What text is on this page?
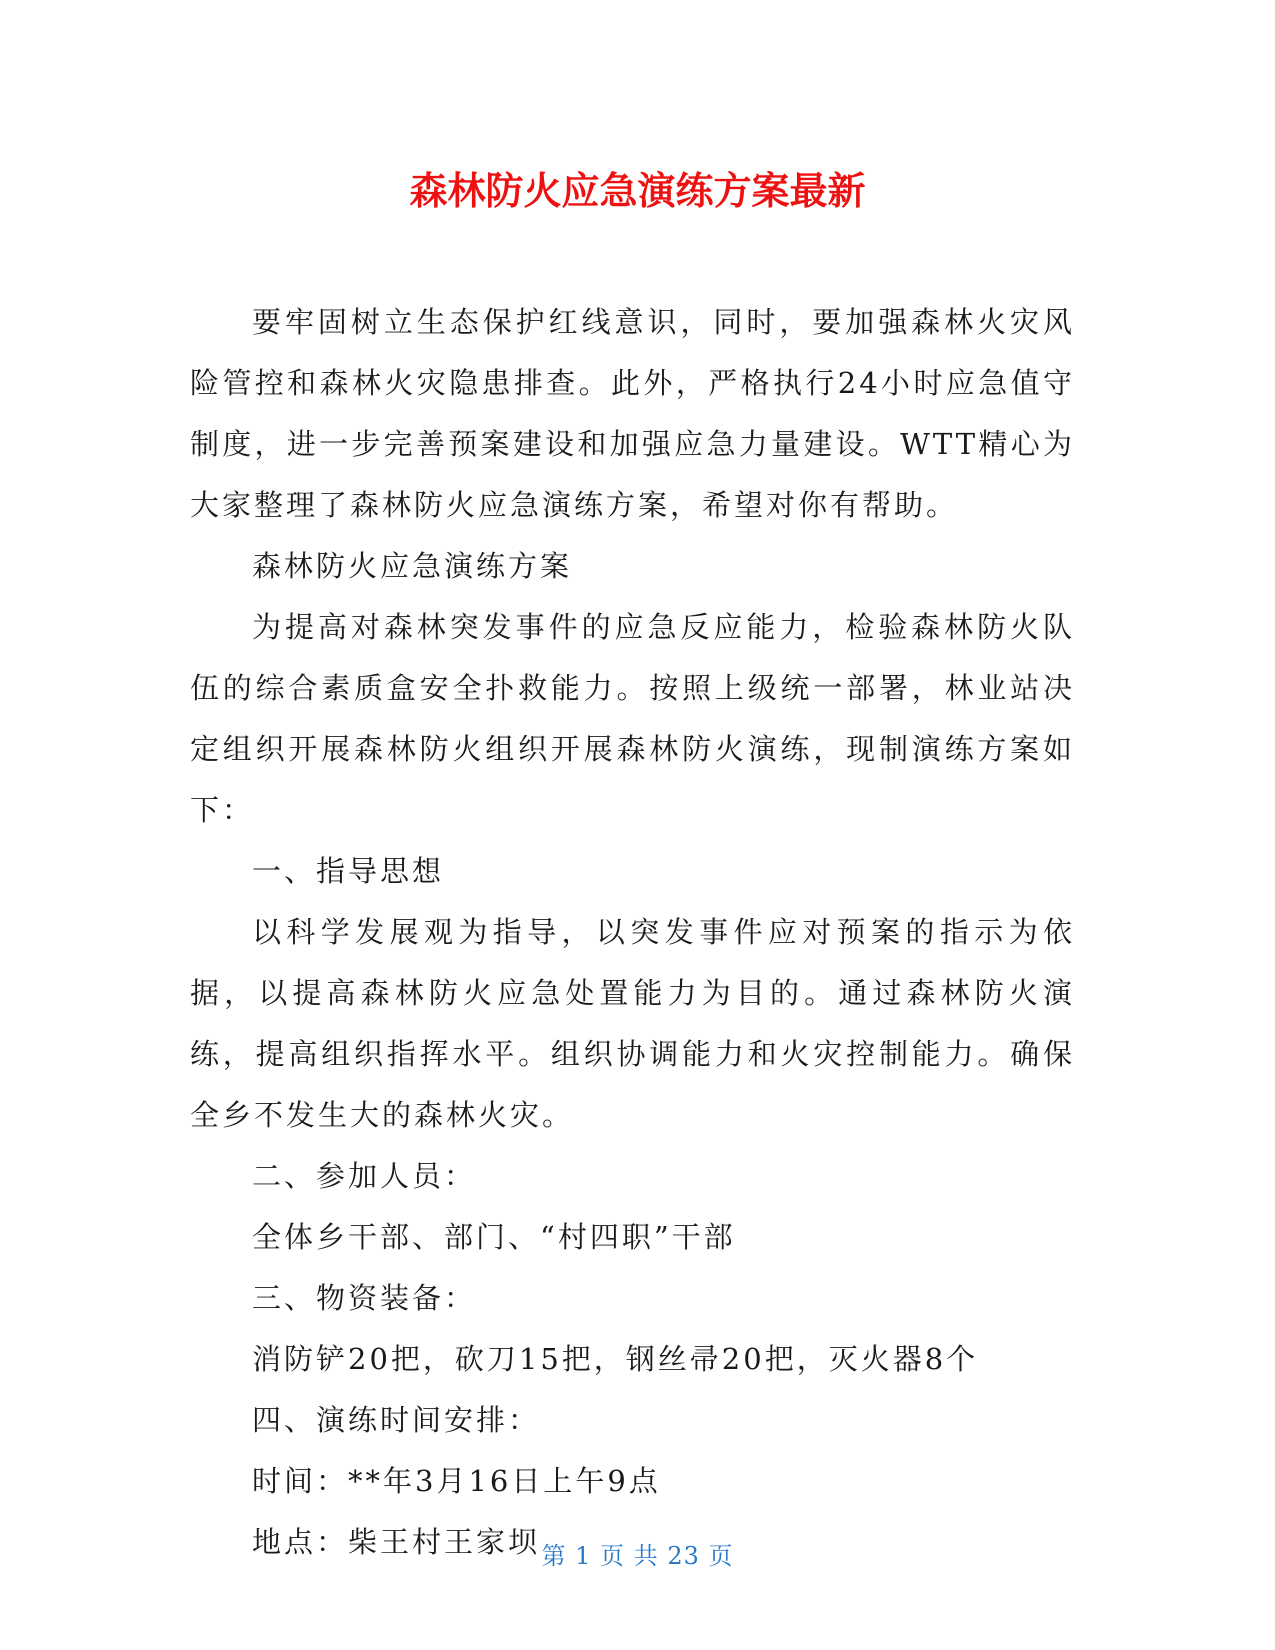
森林防火应急演练方案最新

要牢固树立生态保护红线意识，同时，要加强森林火灾风险管控和森林火灾隐患排查。此外，严格执行24小时应急值守制度，进一步完善预案建设和加强应急力量建设。WTT精心为大家整理了森林防火应急演练方案，希望对你有帮助。

森林防火应急演练方案

为提高对森林突发事件的应急反应能力，检验森林防火队伍的综合素质盒安全扑救能力。按照上级统一部署，林业站决定组织开展森林防火组织开展森林防火演练，现制演练方案如下：

一、指导思想

以科学发展观为指导，以突发事件应对预案的指示为依据，以提高森林防火应急处置能力为目的。通过森林防火演练，提高组织指挥水平。组织协调能力和火灾控制能力。确保全乡不发生大的森林火灾。

二、参加人员：

全体乡干部、部门、“村四职”干部

三、物资装备：

消防铲20把，砍刀15把，钢丝帚20把，灭火器8个

四、演练时间安排：

时间：**年3月16日上午9点

地点：柴王村王家坝 第 1 页 共 23 页
